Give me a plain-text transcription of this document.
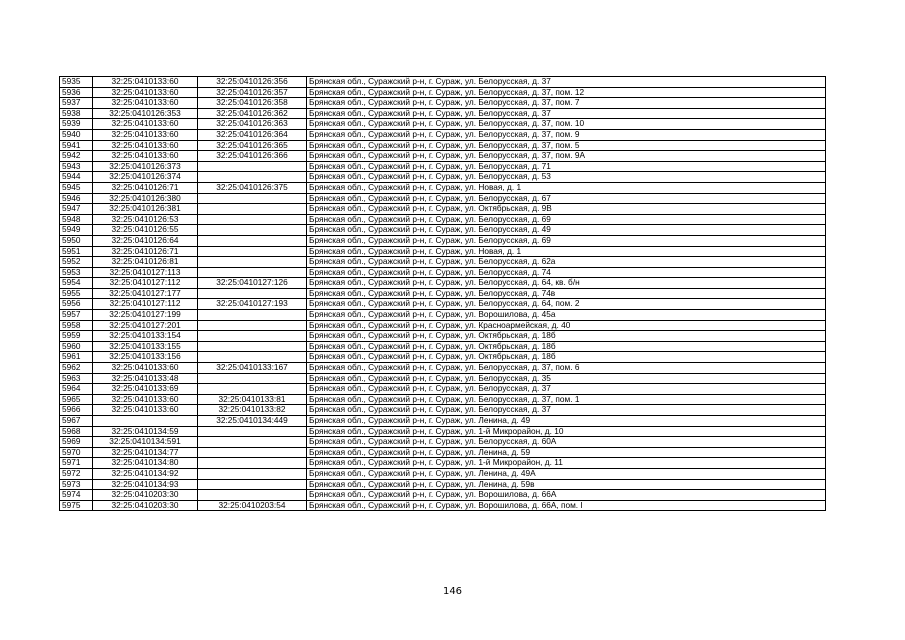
5935	32:25:0410133:60	32:25:0410126:356	Брянская обл., Суражский р-н, г. Сураж, ул. Белорусская, д. 37
5936	32:25:0410133:60	32:25:0410126:357	Брянская обл., Суражский р-н, г. Сураж, ул. Белорусская, д. 37, пом. 12
5937	32:25:0410133:60	32:25:0410126:358	Брянская обл., Суражский р-н, г. Сураж, ул. Белорусская, д. 37, пом. 7
5938	32:25:0410126:353	32:25:0410126:362	Брянская обл., Суражский р-н, г. Сураж, ул. Белорусская, д. 37
5939	32:25:0410133:60	32:25:0410126:363	Брянская обл., Суражский р-н, г. Сураж, ул. Белорусская, д. 37, пом. 10
5940	32:25:0410133:60	32:25:0410126:364	Брянская обл., Суражский р-н, г. Сураж, ул. Белорусская, д. 37, пом. 9
5941	32:25:0410133:60	32:25:0410126:365	Брянская обл., Суражский р-н, г. Сураж, ул. Белорусская, д. 37, пом. 5
5942	32:25:0410133:60	32:25:0410126:366	Брянская обл., Суражский р-н, г. Сураж, ул. Белорусская, д. 37, пом. 9А
5943	32:25:0410126:373		Брянская обл., Суражский р-н, г. Сураж, ул. Белорусская, д. 71
5944	32:25:0410126:374		Брянская обл., Суражский р-н, г. Сураж, ул. Белорусская, д. 53
5945	32:25:0410126:71	32:25:0410126:375	Брянская обл., Суражский р-н, г. Сураж, ул. Новая, д. 1
5946	32:25:0410126:380		Брянская обл., Суражский р-н, г. Сураж, ул. Белорусская, д. 67
5947	32:25:0410126:381		Брянская обл., Суражский р-н, г. Сураж, ул. Октябрьская, д. 9В
5948	32:25:0410126:53		Брянская обл., Суражский р-н, г. Сураж, ул. Белорусская, д. 69
5949	32:25:0410126:55		Брянская обл., Суражский р-н, г. Сураж, ул. Белорусская, д. 49
5950	32:25:0410126:64		Брянская обл., Суражский р-н, г. Сураж, ул. Белорусская, д. 69
5951	32:25:0410126:71		Брянская обл., Суражский р-н, г. Сураж, ул. Новая, д. 1
5952	32:25:0410126:81		Брянская обл., Суражский р-н, г. Сураж, ул. Белорусская, д. 62а
5953	32:25:0410127:113		Брянская обл., Суражский р-н, г. Сураж, ул. Белорусская, д. 74
5954	32:25:0410127:112	32:25:0410127:126	Брянская обл., Суражский р-н, г. Сураж, ул. Белорусская, д. 64, кв. б/н
5955	32:25:0410127:177		Брянская обл., Суражский р-н, г. Сураж, ул. Белорусская, д. 74в
5956	32:25:0410127:112	32:25:0410127:193	Брянская обл., Суражский р-н, г. Сураж, ул. Белорусская, д. 64, пом. 2
5957	32:25:0410127:199		Брянская обл., Суражский р-н, г. Сураж, ул. Ворошилова, д. 45а
5958	32:25:0410127:201		Брянская обл., Суражский р-н, г. Сураж, ул. Красноармейская, д. 40
5959	32:25:0410133:154		Брянская обл., Суражский р-н, г. Сураж, ул. Октябрьская, д. 18б
5960	32:25:0410133:155		Брянская обл., Суражский р-н, г. Сураж, ул. Октябрьская, д. 18б
5961	32:25:0410133:156		Брянская обл., Суражский р-н, г. Сураж, ул. Октябрьская, д. 18б
5962	32:25:0410133:60	32:25:0410133:167	Брянская обл., Суражский р-н, г. Сураж, ул. Белорусская, д. 37, пом. 6
5963	32:25:0410133:48		Брянская обл., Суражский р-н, г. Сураж, ул. Белорусская, д. 35
5964	32:25:0410133:69		Брянская обл., Суражский р-н, г. Сураж, ул. Белорусская, д. 37
5965	32:25:0410133:60	32:25:0410133:81	Брянская обл., Суражский р-н, г. Сураж, ул. Белорусская, д. 37, пом. 1
5966	32:25:0410133:60	32:25:0410133:82	Брянская обл., Суражский р-н, г. Сураж, ул. Белорусская, д. 37
5967		32:25:0410134:449	Брянская обл., Суражский р-н, г. Сураж, ул. Ленина, д. 49
5968	32:25:0410134:59		Брянская обл., Суражский р-н, г. Сураж, ул. 1-й Микрорайон, д. 10
5969	32:25:0410134:591		Брянская обл., Суражский р-н, г. Сураж, ул. Белорусская, д. 60А
5970	32:25:0410134:77		Брянская обл., Суражский р-н, г. Сураж, ул. Ленина, д. 59
5971	32:25:0410134:80		Брянская обл., Суражский р-н, г. Сураж, ул. 1-й Микрорайон, д. 11
5972	32:25:0410134:92		Брянская обл., Суражский р-н, г. Сураж, ул. Ленина, д. 49А
5973	32:25:0410134:93		Брянская обл., Суражский р-н, г. Сураж, ул. Ленина, д. 59в
5974	32:25:0410203:30		Брянская обл., Суражский р-н, г. Сураж, ул. Ворошилова, д. 66А
5975	32:25:0410203:30	32:25:0410203:54	Брянская обл., Суражский р-н, г. Сураж, ул. Ворошилова, д. 66А, пом. I
146
